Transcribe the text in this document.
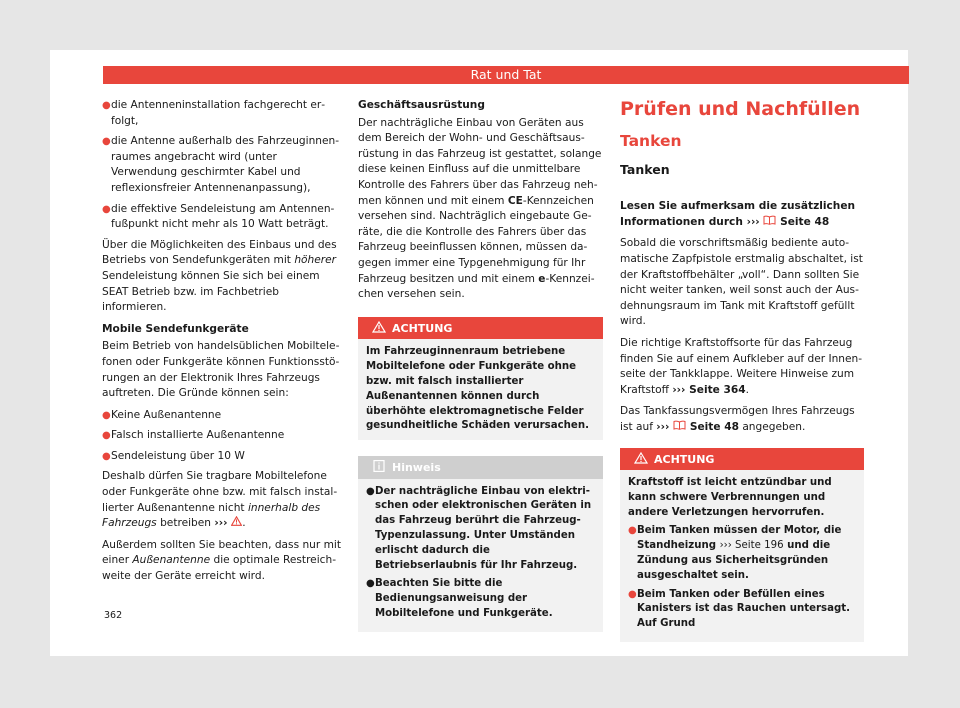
Rat und Tat
● die Antenneninstallation fachgerecht erfolgt,
● die Antenne außerhalb des Fahrzeuginnenraumes angebracht wird (unter Verwendung geschirmter Kabel und reflexionsfreier Antennenanpassung),
● die effektive Sendeleistung am Antennenfußpunkt nicht mehr als 10 Watt beträgt.

Über die Möglichkeiten des Einbaus und des Betriebs von Sendefunkgeräten mit höherer Sendeleistung können Sie sich bei einem SEAT Betrieb bzw. im Fachbetrieb informieren.

Mobile Sendefunkgeräte

Beim Betrieb von handelsüblichen Mobiltelefonen oder Funkgeräte können Funktionsstörungen an der Elektronik Ihres Fahrzeugs auftreten. Die Gründe können sein:

● Keine Außenantenne
● Falsch installierte Außenantenne
● Sendeleistung über 10 W

Deshalb dürfen Sie tragbare Mobiltelefone oder Funkgeräte ohne bzw. mit falsch installierter Außenantenne nicht innerhalb des Fahrzeugs betreiben ››› .

Außerdem sollten Sie beachten, dass nur mit einer Außenantenne die optimale Restreichweite der Geräte erreicht wird.

Geschäftsausrüstung

Der nachträgliche Einbau von Geräten aus dem Bereich der Wohn- und Geschäftsausrüstung in das Fahrzeug ist gestattet, solange diese keinen Einfluss auf die unmittelbare Kontrolle des Fahrers über das Fahrzeug nehmen können und mit einem CE-Kennzeichen versehen sind. Nachträglich eingebaute Geräte, die die Kontrolle des Fahrers über das Fahrzeug beeinflussen können, müssen dagegen immer eine Typgenehmigung für Ihr Fahrzeug besitzen und mit einem e-Kennzeichen versehen sein.

ACHTUNG
Im Fahrzeuginnenraum betriebene Mobiltelefone oder Funkgeräte ohne bzw. mit falsch installierter Außenantennen können durch überhöhte elektromagnetische Felder gesundheitliche Schäden verursachen.
Hinweis
● Der nachträgliche Einbau von elektrischen oder elektronischen Geräten in das Fahrzeug berührt die Fahrzeug-Typenzulassung. Unter Umständen erlischt dadurch die Betriebserlaubnis für Ihr Fahrzeug.
● Beachten Sie bitte die Bedienungsanweisung der Mobiltelefone und Funkgeräte.
Prüfen und Nachfüllen
Tanken
Tanken

Lesen Sie aufmerksam die zusätzlichen Informationen durch ››› Seite 48

Sobald die vorschriftsmäßig bediente automatische Zapfpistole erstmalig abschaltet, ist der Kraftstoffbehälter „voll“. Dann sollten Sie nicht weiter tanken, weil sonst auch der Ausdehnungsraum im Tank mit Kraftstoff gefüllt wird.

Die richtige Kraftstoffsorte für das Fahrzeug finden Sie auf einem Aufkleber auf der Innenseite der Tankklappe. Weitere Hinweise zum Kraftstoff ››› Seite 364.

Das Tankfassungsvermögen Ihres Fahrzeugs ist auf ››› Seite 48 angegeben.

ACHTUNG
Kraftstoff ist leicht entzündbar und kann schwere Verbrennungen und andere Verletzungen hervorrufen.
● Beim Tanken müssen der Motor, die Standheizung ››› Seite 196 und die Zündung aus Sicherheitsgründen ausgeschaltet sein.
● Beim Tanken oder Befüllen eines Kanisters ist das Rauchen untersagt. Auf Grund
362
